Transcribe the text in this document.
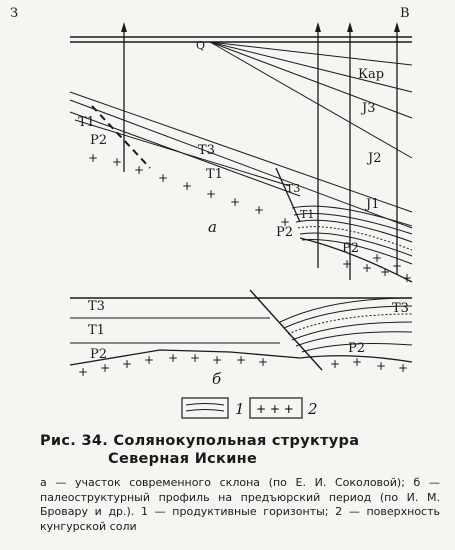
+ +
+
+
+
+
+
+
+
+ + +
+
+
+
З	В
Q
Кар
J3
J2
J1
T1
P2
T3
T1
T3
T1
P2
P2
а
+ + + + + + + + +	+ + + +
T3
T1
P2
T3
P2
б
1 + + + 2
Рис. 34. Солянокупольная структура
Северная Искине
а — участок современного склона (по Е. И. Соколовой); б — палеоструктурный профиль на предъюрский период (по И. М. Бровару и др.). 1 — продуктивные горизонты; 2 — поверхность кунгурской соли
